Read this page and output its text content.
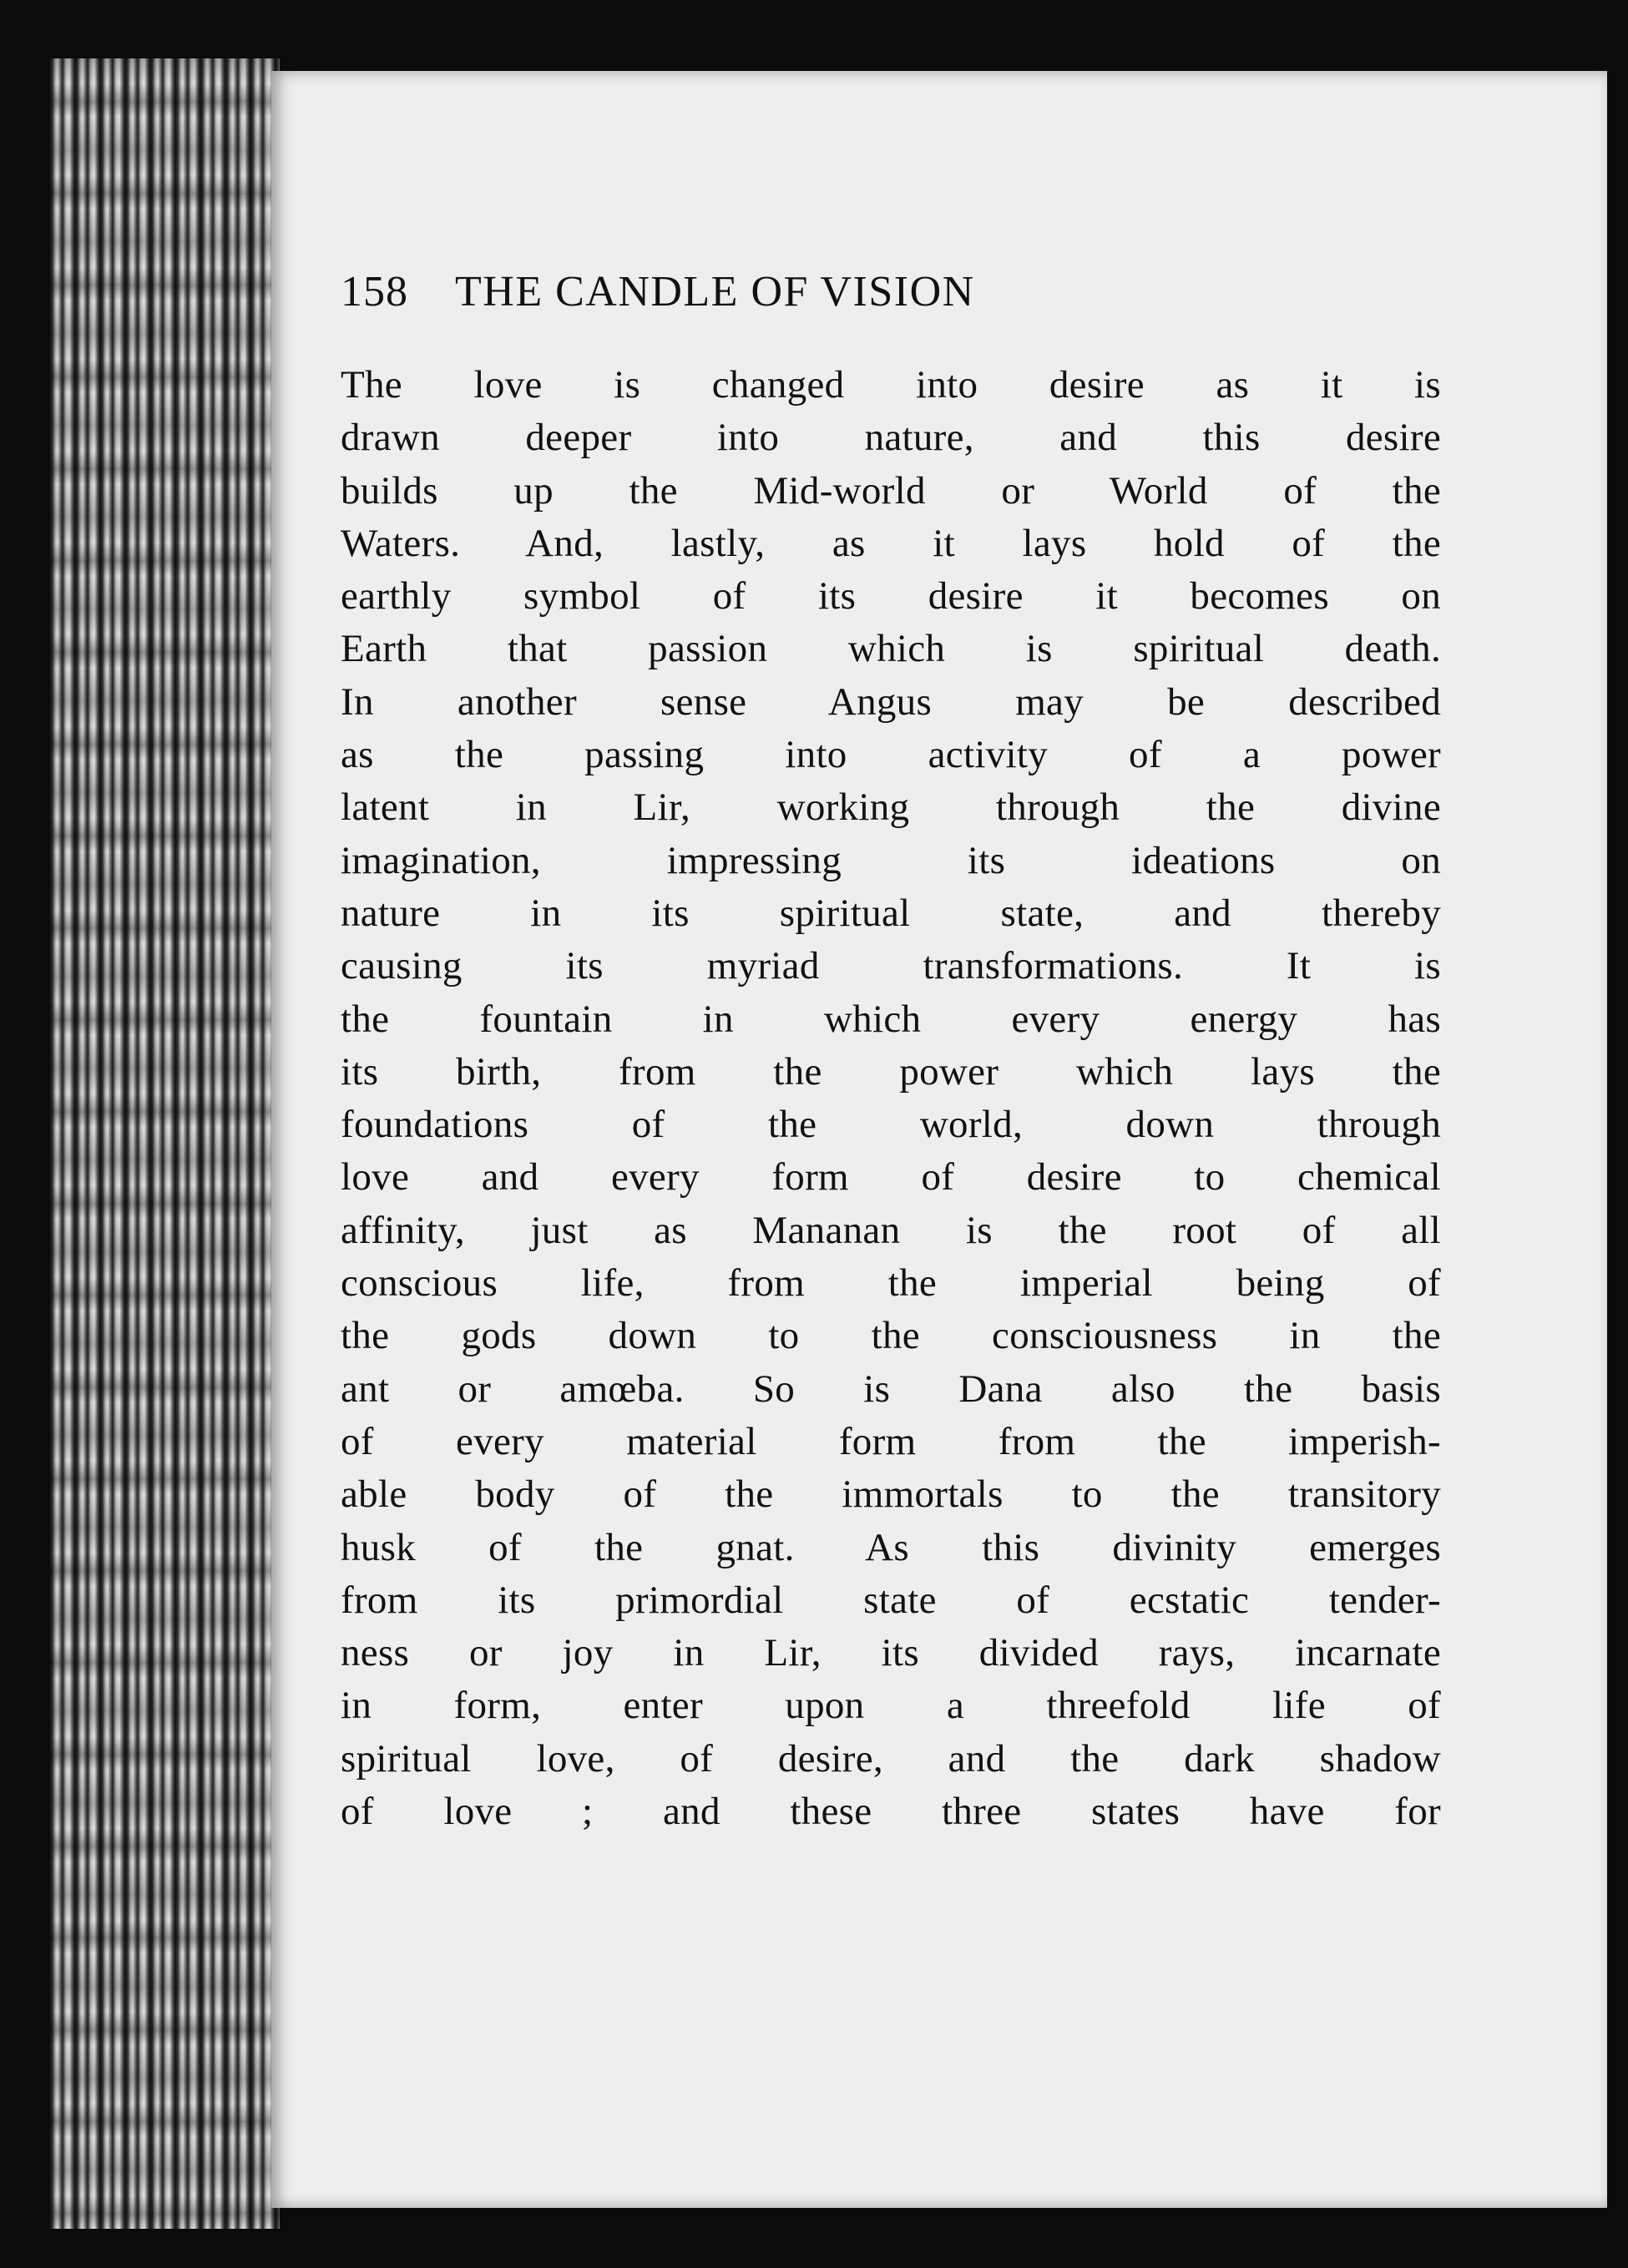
158 THE CANDLE OF VISION

The love is changed into desire as it is
drawn deeper into nature, and this desire
builds up the Mid-world or World of the
Waters. And, lastly, as it lays hold of the
earthly symbol of its desire it becomes on
Earth that passion which is spiritual death.
In another sense Angus may be described
as the passing into activity of a power
latent in Lir, working through the divine
imagination, impressing its ideations on
nature in its spiritual state, and thereby
causing its myriad transformations. It is
the fountain in which every energy has
its birth, from the power which lays the
foundations of the world, down through
love and every form of desire to chemical
affinity, just as Mananan is the root of all
conscious life, from the imperial being of
the gods down to the consciousness in the
ant or amœba. So is Dana also the basis
of every material form from the imperish-
able body of the immortals to the transitory
husk of the gnat. As this divinity emerges
from its primordial state of ecstatic tender-
ness or joy in Lir, its divided rays, incarnate
in form, enter upon a threefold life of
spiritual love, of desire, and the dark shadow
of love ; and these three states have for
